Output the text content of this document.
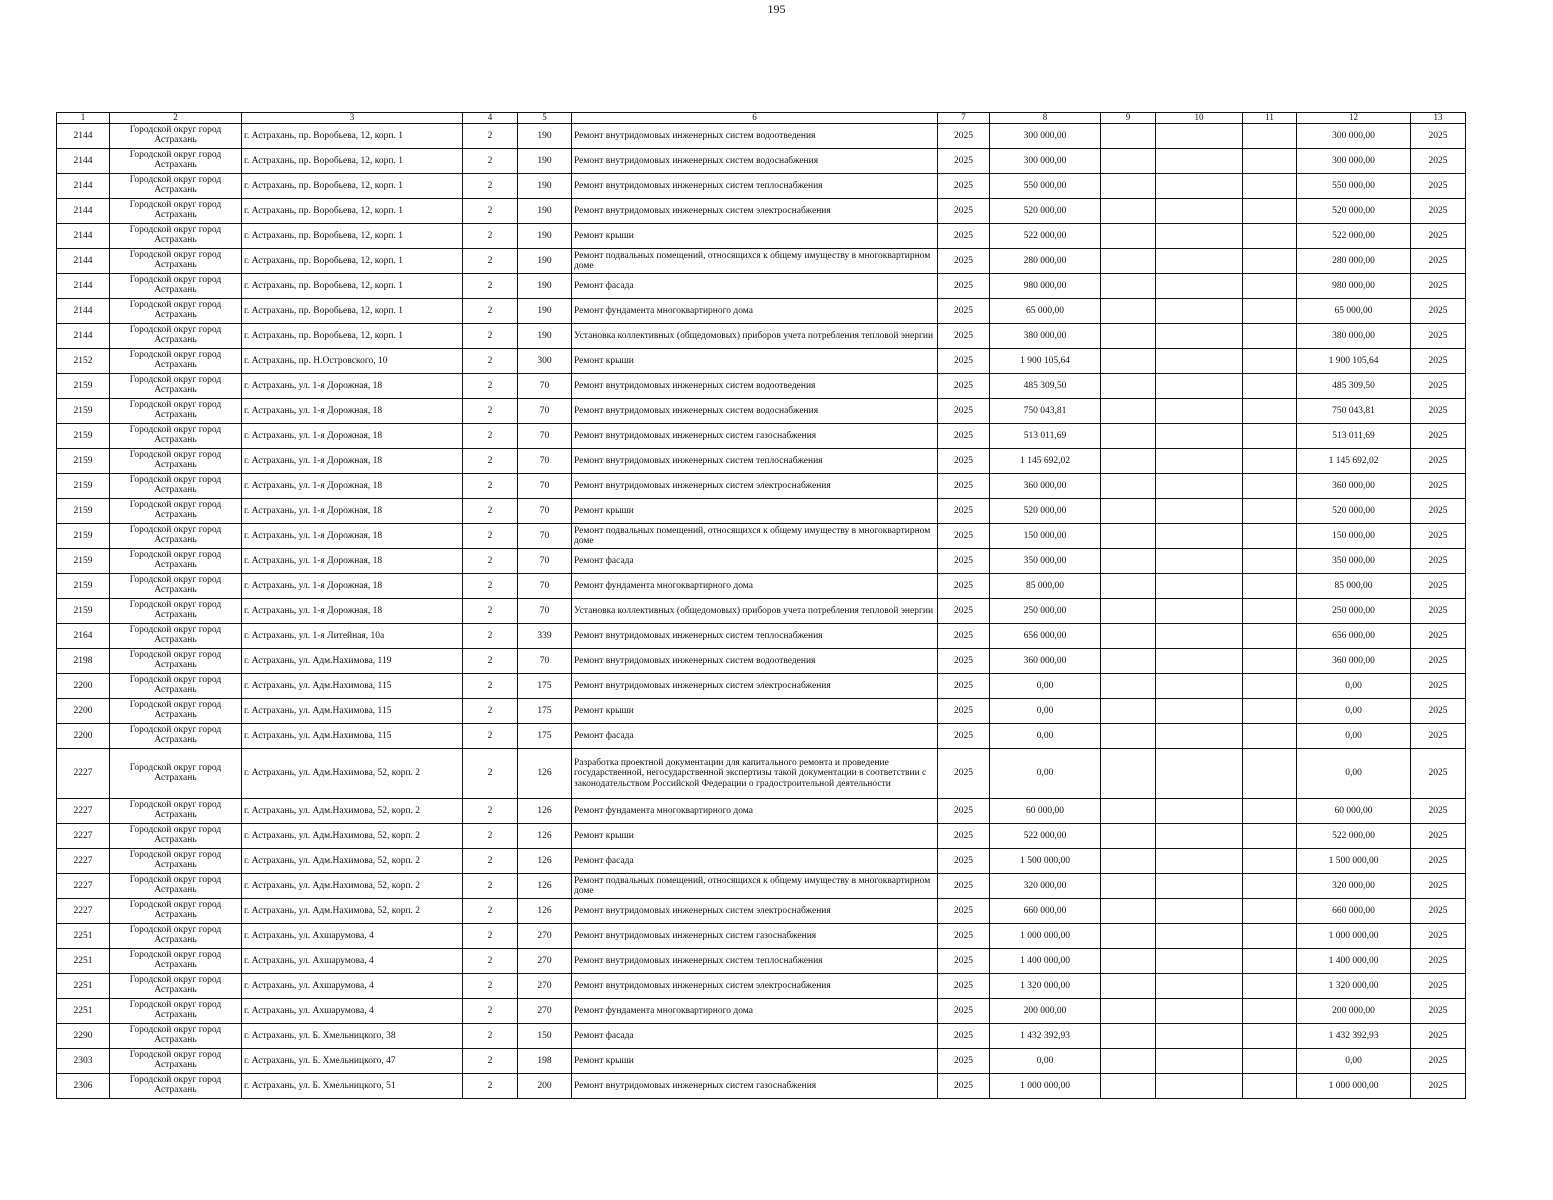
195
1	2	3	4	5	6	7	8	9	10	11	12	13
2144	Городской округ город Астрахань	г. Астрахань, пр. Воробьева, 12, корп. 1	2	190	Ремонт внутридомовых инженерных систем водоотведения	2025	300 000,00				300 000,00	2025
2144	Городской округ город Астрахань	г. Астрахань, пр. Воробьева, 12, корп. 1	2	190	Ремонт внутридомовых инженерных систем водоснабжения	2025	300 000,00				300 000,00	2025
2144	Городской округ город Астрахань	г. Астрахань, пр. Воробьева, 12, корп. 1	2	190	Ремонт внутридомовых инженерных систем теплоснабжения	2025	550 000,00				550 000,00	2025
2144	Городской округ город Астрахань	г. Астрахань, пр. Воробьева, 12, корп. 1	2	190	Ремонт внутридомовых инженерных систем электроснабжения	2025	520 000,00				520 000,00	2025
2144	Городской округ город Астрахань	г. Астрахань, пр. Воробьева, 12, корп. 1	2	190	Ремонт крыши	2025	522 000,00				522 000,00	2025
2144	Городской округ город Астрахань	г. Астрахань, пр. Воробьева, 12, корп. 1	2	190	Ремонт подвальных помещений, относящихся к общему имуществу в многоквартирном доме	2025	280 000,00				280 000,00	2025
2144	Городской округ город Астрахань	г. Астрахань, пр. Воробьева, 12, корп. 1	2	190	Ремонт фасада	2025	980 000,00				980 000,00	2025
2144	Городской округ город Астрахань	г. Астрахань, пр. Воробьева, 12, корп. 1	2	190	Ремонт фундамента многоквартирного дома	2025	65 000,00				65 000,00	2025
2144	Городской округ город Астрахань	г. Астрахань, пр. Воробьева, 12, корп. 1	2	190	Установка коллективных (общедомовых) приборов учета потребления тепловой энергии	2025	380 000,00				380 000,00	2025
2152	Городской округ город Астрахань	г. Астрахань, пр. Н.Островского, 10	2	300	Ремонт крыши	2025	1 900 105,64				1 900 105,64	2025
2159	Городской округ город Астрахань	г. Астрахань, ул. 1-я Дорожная, 18	2	70	Ремонт внутридомовых инженерных систем водоотведения	2025	485 309,50				485 309,50	2025
2159	Городской округ город Астрахань	г. Астрахань, ул. 1-я Дорожная, 18	2	70	Ремонт внутридомовых инженерных систем водоснабжения	2025	750 043,81				750 043,81	2025
2159	Городской округ город Астрахань	г. Астрахань, ул. 1-я Дорожная, 18	2	70	Ремонт внутридомовых инженерных систем газоснабжения	2025	513 011,69				513 011,69	2025
2159	Городской округ город Астрахань	г. Астрахань, ул. 1-я Дорожная, 18	2	70	Ремонт внутридомовых инженерных систем теплоснабжения	2025	1 145 692,02				1 145 692,02	2025
2159	Городской округ город Астрахань	г. Астрахань, ул. 1-я Дорожная, 18	2	70	Ремонт внутридомовых инженерных систем электроснабжения	2025	360 000,00				360 000,00	2025
2159	Городской округ город Астрахань	г. Астрахань, ул. 1-я Дорожная, 18	2	70	Ремонт крыши	2025	520 000,00				520 000,00	2025
2159	Городской округ город Астрахань	г. Астрахань, ул. 1-я Дорожная, 18	2	70	Ремонт подвальных помещений, относящихся к общему имуществу в многоквартирном доме	2025	150 000,00				150 000,00	2025
2159	Городской округ город Астрахань	г. Астрахань, ул. 1-я Дорожная, 18	2	70	Ремонт фасада	2025	350 000,00				350 000,00	2025
2159	Городской округ город Астрахань	г. Астрахань, ул. 1-я Дорожная, 18	2	70	Ремонт фундамента многоквартирного дома	2025	85 000,00				85 000,00	2025
2159	Городской округ город Астрахань	г. Астрахань, ул. 1-я Дорожная, 18	2	70	Установка коллективных (общедомовых) приборов учета потребления тепловой энергии	2025	250 000,00				250 000,00	2025
2164	Городской округ город Астрахань	г. Астрахань, ул. 1-я Литейная, 10а	2	339	Ремонт внутридомовых инженерных систем теплоснабжения	2025	656 000,00				656 000,00	2025
2198	Городской округ город Астрахань	г. Астрахань, ул. Адм.Нахимова, 119	2	70	Ремонт внутридомовых инженерных систем водоотведения	2025	360 000,00				360 000,00	2025
2200	Городской округ город Астрахань	г. Астрахань, ул. Адм.Нахимова, 115	2	175	Ремонт внутридомовых инженерных систем электроснабжения	2025	0,00				0,00	2025
2200	Городской округ город Астрахань	г. Астрахань, ул. Адм.Нахимова, 115	2	175	Ремонт крыши	2025	0,00				0,00	2025
2200	Городской округ город Астрахань	г. Астрахань, ул. Адм.Нахимова, 115	2	175	Ремонт фасада	2025	0,00				0,00	2025
2227	Городской округ город Астрахань	г. Астрахань, ул. Адм.Нахимова, 52, корп. 2	2	126	Разработка проектной документации для капитального ремонта и проведение государственной, негосударственной экспертизы такой документации в соответствии с законодательством Российской Федерации о градостроительной деятельности	2025	0,00				0,00	2025
2227	Городской округ город Астрахань	г. Астрахань, ул. Адм.Нахимова, 52, корп. 2	2	126	Ремонт фундамента многоквартирного дома	2025	60 000,00				60 000,00	2025
2227	Городской округ город Астрахань	г. Астрахань, ул. Адм.Нахимова, 52, корп. 2	2	126	Ремонт крыши	2025	522 000,00				522 000,00	2025
2227	Городской округ город Астрахань	г. Астрахань, ул. Адм.Нахимова, 52, корп. 2	2	126	Ремонт фасада	2025	1 500 000,00				1 500 000,00	2025
2227	Городской округ город Астрахань	г. Астрахань, ул. Адм.Нахимова, 52, корп. 2	2	126	Ремонт подвальных помещений, относящихся к общему имуществу в многоквартирном доме	2025	320 000,00				320 000,00	2025
2227	Городской округ город Астрахань	г. Астрахань, ул. Адм.Нахимова, 52, корп. 2	2	126	Ремонт внутридомовых инженерных систем электроснабжения	2025	660 000,00				660 000,00	2025
2251	Городской округ город Астрахань	г. Астрахань, ул. Ахшарумова, 4	2	270	Ремонт внутридомовых инженерных систем газоснабжения	2025	1 000 000,00				1 000 000,00	2025
2251	Городской округ город Астрахань	г. Астрахань, ул. Ахшарумова, 4	2	270	Ремонт внутридомовых инженерных систем теплоснабжения	2025	1 400 000,00				1 400 000,00	2025
2251	Городской округ город Астрахань	г. Астрахань, ул. Ахшарумова, 4	2	270	Ремонт внутридомовых инженерных систем электроснабжения	2025	1 320 000,00				1 320 000,00	2025
2251	Городской округ город Астрахань	г. Астрахань, ул. Ахшарумова, 4	2	270	Ремонт фундамента многоквартирного дома	2025	200 000,00				200 000,00	2025
2290	Городской округ город Астрахань	г. Астрахань, ул. Б. Хмельницкого, 38	2	150	Ремонт фасада	2025	1 432 392,93				1 432 392,93	2025
2303	Городской округ город Астрахань	г. Астрахань, ул. Б. Хмельницкого, 47	2	198	Ремонт крыши	2025	0,00				0,00	2025
2306	Городской округ город Астрахань	г. Астрахань, ул. Б. Хмельницкого, 51	2	200	Ремонт внутридомовых инженерных систем газоснабжения	2025	1 000 000,00				1 000 000,00	2025
